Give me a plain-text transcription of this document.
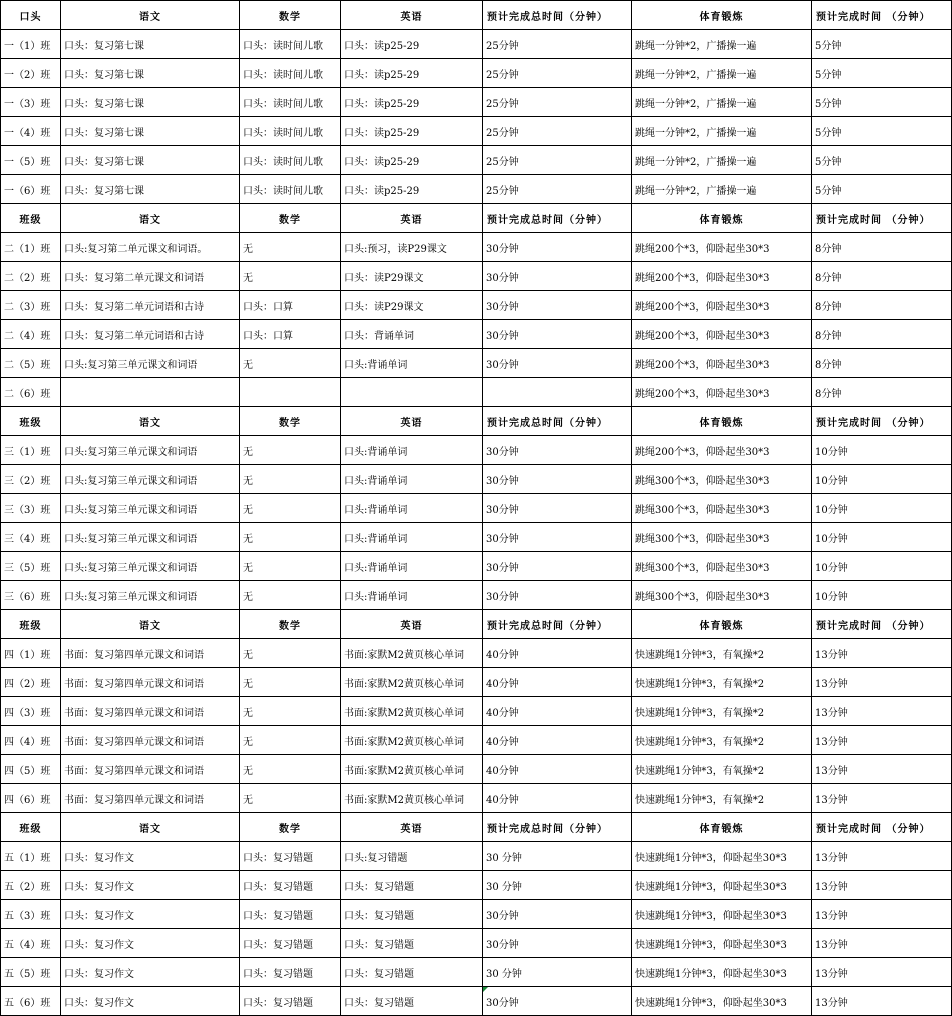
口头	语文	数学	英语	预计完成总时间（分钟）	体育锻炼	预计完成时间 （分钟）
一（1）班	口头：复习第七课	口头：读时间儿歌	口头：读p25-29	25分钟	跳绳一分钟*2，广播操一遍	5分钟
一（2）班	口头：复习第七课	口头：读时间儿歌	口头：读p25-29	25分钟	跳绳一分钟*2，广播操一遍	5分钟
一（3）班	口头：复习第七课	口头：读时间儿歌	口头：读p25-29	25分钟	跳绳一分钟*2，广播操一遍	5分钟
一（4）班	口头：复习第七课	口头：读时间儿歌	口头：读p25-29	25分钟	跳绳一分钟*2，广播操一遍	5分钟
一（5）班	口头：复习第七课	口头：读时间儿歌	口头：读p25-29	25分钟	跳绳一分钟*2，广播操一遍	5分钟
一（6）班	口头：复习第七课	口头：读时间儿歌	口头：读p25-29	25分钟	跳绳一分钟*2，广播操一遍	5分钟
班级	语文	数学	英语	预计完成总时间（分钟）	体育锻炼	预计完成时间 （分钟）
二（1）班	口头:复习第二单元课文和词语。	无	口头:预习，读P29课文	30分钟	跳绳200个*3，仰卧起坐30*3	8分钟
二（2）班	口头：复习第二单元课文和词语	无	口头：读P29课文	30分钟	跳绳200个*3，仰卧起坐30*3	8分钟
二（3）班	口头：复习第二单元词语和古诗	口头：口算	口头：读P29课文	30分钟	跳绳200个*3，仰卧起坐30*3	8分钟
二（4）班	口头：复习第二单元词语和古诗	口头：口算	口头：背诵单词	30分钟	跳绳200个*3，仰卧起坐30*3	8分钟
二（5）班	口头:复习第三单元课文和词语	无	口头:背诵单词	30分钟	跳绳200个*3，仰卧起坐30*3	8分钟
二（6）班					跳绳200个*3，仰卧起坐30*3	8分钟
班级	语文	数学	英语	预计完成总时间（分钟）	体育锻炼	预计完成时间 （分钟）
三（1）班	口头:复习第三单元课文和词语	无	口头:背诵单词	30分钟	跳绳200个*3，仰卧起坐30*3	10分钟
三（2）班	口头:复习第三单元课文和词语	无	口头:背诵单词	30分钟	跳绳300个*3，仰卧起坐30*3	10分钟
三（3）班	口头:复习第三单元课文和词语	无	口头:背诵单词	30分钟	跳绳300个*3，仰卧起坐30*3	10分钟
三（4）班	口头:复习第三单元课文和词语	无	口头:背诵单词	30分钟	跳绳300个*3，仰卧起坐30*3	10分钟
三（5）班	口头:复习第三单元课文和词语	无	口头:背诵单词	30分钟	跳绳300个*3，仰卧起坐30*3	10分钟
三（6）班	口头:复习第三单元课文和词语	无	口头:背诵单词	30分钟	跳绳300个*3，仰卧起坐30*3	10分钟
班级	语文	数学	英语	预计完成总时间（分钟）	体育锻炼	预计完成时间 （分钟）
四（1）班	书面：复习第四单元课文和词语	无	书面:家默M2黄页核心单词	40分钟	快速跳绳1分钟*3，有氧操*2	13分钟
四（2）班	书面：复习第四单元课文和词语	无	书面:家默M2黄页核心单词	40分钟	快速跳绳1分钟*3，有氧操*2	13分钟
四（3）班	书面：复习第四单元课文和词语	无	书面:家默M2黄页核心单词	40分钟	快速跳绳1分钟*3，有氧操*2	13分钟
四（4）班	书面：复习第四单元课文和词语	无	书面:家默M2黄页核心单词	40分钟	快速跳绳1分钟*3，有氧操*2	13分钟
四（5）班	书面：复习第四单元课文和词语	无	书面:家默M2黄页核心单词	40分钟	快速跳绳1分钟*3，有氧操*2	13分钟
四（6）班	书面：复习第四单元课文和词语	无	书面:家默M2黄页核心单词	40分钟	快速跳绳1分钟*3，有氧操*2	13分钟
班级	语文	数学	英语	预计完成总时间（分钟）	体育锻炼	预计完成时间 （分钟）
五（1）班	口头：复习作文	口头：复习错题	口头:复习错题	30 分钟	快速跳绳1分钟*3，仰卧起坐30*3	13分钟
五（2）班	口头：复习作文	口头：复习错题	口头：复习错题	30 分钟	快速跳绳1分钟*3，仰卧起坐30*3	13分钟
五（3）班	口头：复习作文	口头：复习错题	口头：复习错题	30分钟	快速跳绳1分钟*3，仰卧起坐30*3	13分钟
五（4）班	口头：复习作文	口头：复习错题	口头：复习错题	30分钟	快速跳绳1分钟*3，仰卧起坐30*3	13分钟
五（5）班	口头：复习作文	口头：复习错题	口头：复习错题	30 分钟	快速跳绳1分钟*3，仰卧起坐30*3	13分钟
五（6）班	口头：复习作文	口头：复习错题	口头：复习错题	30分钟	快速跳绳1分钟*3，仰卧起坐30*3	13分钟
